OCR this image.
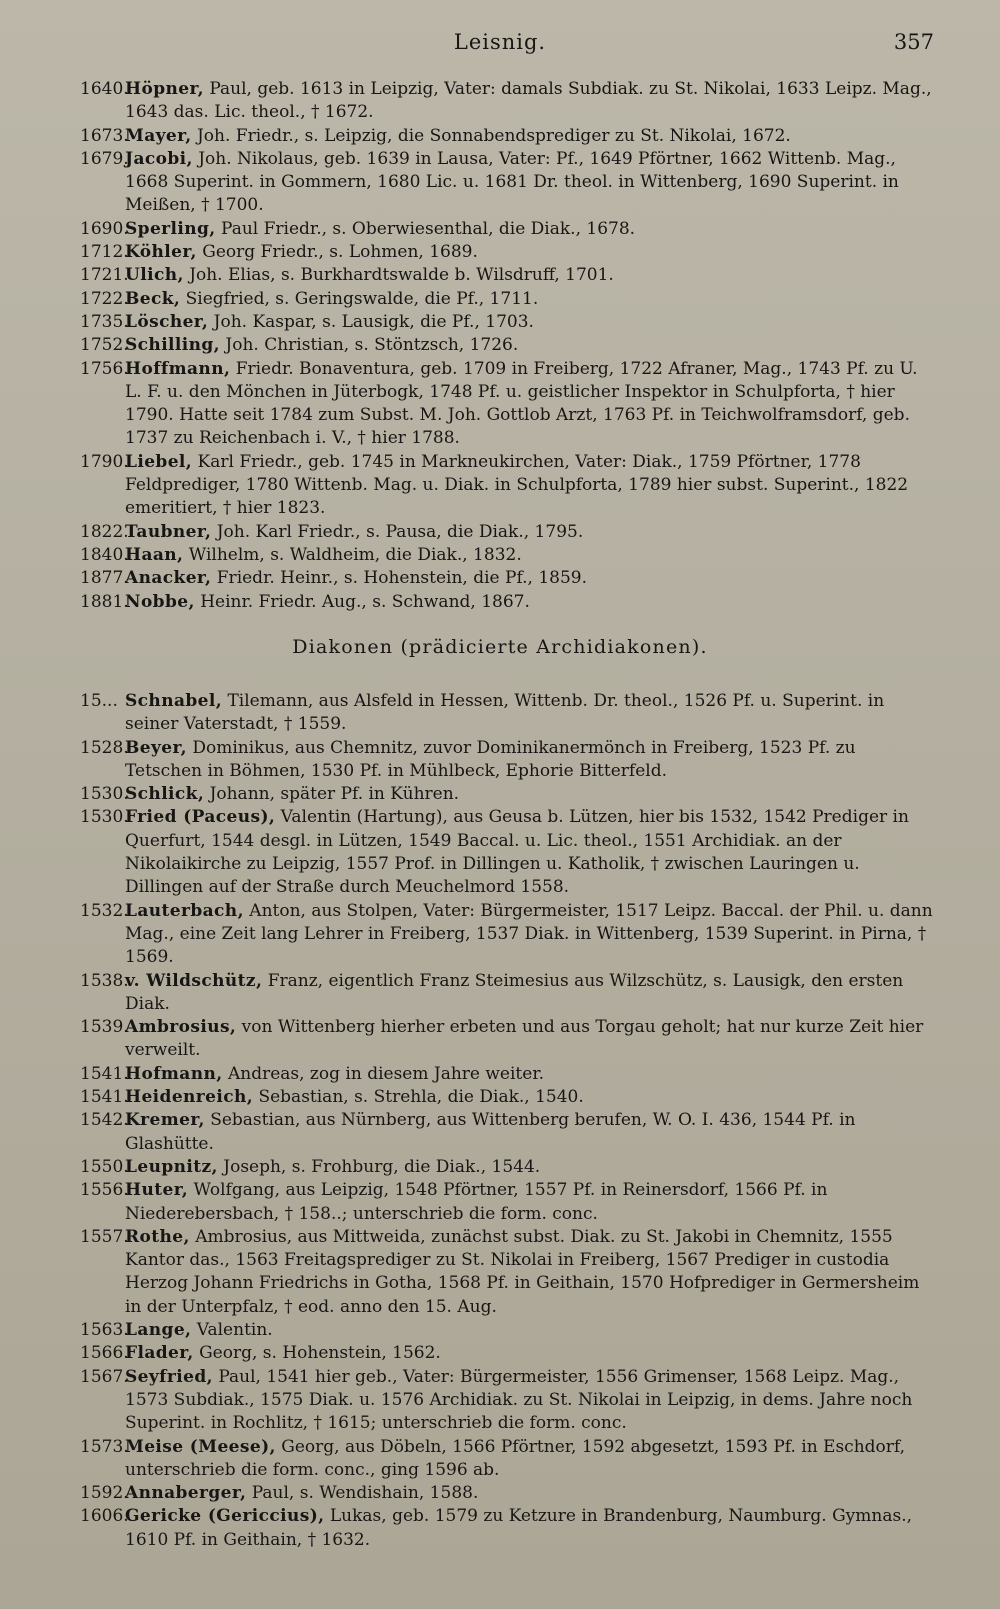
Leisnig.	357

1640.Höpner, Paul, geb. 1613 in Leipzig, Vater: damals Subdiak. zu St. Nikolai, 1633 Leipz. Mag., 1643 das. Lic. theol., † 1672.

1673.Mayer, Joh. Friedr., s. Leipzig, die Sonnabendsprediger zu St. Nikolai, 1672.

1679.Jacobi, Joh. Nikolaus, geb. 1639 in Lausa, Vater: Pf., 1649 Pförtner, 1662 Wittenb. Mag., 1668 Superint. in Gommern, 1680 Lic. u. 1681 Dr. theol. in Wittenberg, 1690 Superint. in Meißen, † 1700.

1690.Sperling, Paul Friedr., s. Oberwiesenthal, die Diak., 1678.

1712.Köhler, Georg Friedr., s. Lohmen, 1689.

1721.Ulich, Joh. Elias, s. Burkhardtswalde b. Wilsdruff, 1701.

1722.Beck, Siegfried, s. Geringswalde, die Pf., 1711.

1735.Löscher, Joh. Kaspar, s. Lausigk, die Pf., 1703.

1752.Schilling, Joh. Christian, s. Stöntzsch, 1726.

1756.Hoffmann, Friedr. Bonaventura, geb. 1709 in Freiberg, 1722 Afraner, Mag., 1743 Pf. zu U. L. F. u. den Mönchen in Jüterbogk, 1748 Pf. u. geistlicher Inspektor in Schulpforta, † hier 1790. Hatte seit 1784 zum Subst. M. Joh. Gottlob Arzt, 1763 Pf. in Teichwolframsdorf, geb. 1737 zu Reichenbach i. V., † hier 1788.

1790.Liebel, Karl Friedr., geb. 1745 in Markneukirchen, Vater: Diak., 1759 Pförtner, 1778 Feldprediger, 1780 Wittenb. Mag. u. Diak. in Schulpforta, 1789 hier subst. Superint., 1822 emeritiert, † hier 1823.

1822.Taubner, Joh. Karl Friedr., s. Pausa, die Diak., 1795.

1840.Haan, Wilhelm, s. Waldheim, die Diak., 1832.

1877.Anacker, Friedr. Heinr., s. Hohenstein, die Pf., 1859.

1881.Nobbe, Heinr. Friedr. Aug., s. Schwand, 1867.

Diakonen (prädicierte Archidiakonen).

15... Schnabel, Tilemann, aus Alsfeld in Hessen, Wittenb. Dr. theol., 1526 Pf. u. Superint. in seiner Vaterstadt, † 1559.

1528.Beyer, Dominikus, aus Chemnitz, zuvor Dominikanermönch in Freiberg, 1523 Pf. zu Tetschen in Böhmen, 1530 Pf. in Mühlbeck, Ephorie Bitterfeld.

1530.Schlick, Johann, später Pf. in Kühren.

1530.Fried (Paceus), Valentin (Hartung), aus Geusa b. Lützen, hier bis 1532, 1542 Prediger in Querfurt, 1544 desgl. in Lützen, 1549 Baccal. u. Lic. theol., 1551 Archidiak. an der Nikolaikirche zu Leipzig, 1557 Prof. in Dillingen u. Katholik, † zwischen Lauringen u. Dillingen auf der Straße durch Meuchelmord 1558.

1532.Lauterbach, Anton, aus Stolpen, Vater: Bürgermeister, 1517 Leipz. Baccal. der Phil. u. dann Mag., eine Zeit lang Lehrer in Freiberg, 1537 Diak. in Wittenberg, 1539 Superint. in Pirna, † 1569.

1538.v. Wildschütz, Franz, eigentlich Franz Steimesius aus Wilzschütz, s. Lausigk, den ersten Diak.

1539.Ambrosius, von Wittenberg hierher erbeten und aus Torgau geholt; hat nur kurze Zeit hier verweilt.

1541.Hofmann, Andreas, zog in diesem Jahre weiter.

1541.Heidenreich, Sebastian, s. Strehla, die Diak., 1540.

1542.Kremer, Sebastian, aus Nürnberg, aus Wittenberg berufen, W. O. I. 436, 1544 Pf. in Glashütte.

1550.Leupnitz, Joseph, s. Frohburg, die Diak., 1544.

1556.Huter, Wolfgang, aus Leipzig, 1548 Pförtner, 1557 Pf. in Reinersdorf, 1566 Pf. in Niederebersbach, † 158..; unterschrieb die form. conc.

1557.Rothe, Ambrosius, aus Mittweida, zunächst subst. Diak. zu St. Jakobi in Chemnitz, 1555 Kantor das., 1563 Freitagsprediger zu St. Nikolai in Freiberg, 1567 Prediger in custodia Herzog Johann Friedrichs in Gotha, 1568 Pf. in Geithain, 1570 Hofprediger in Germersheim in der Unterpfalz, † eod. anno den 15. Aug.

1563.Lange, Valentin.

1566.Flader, Georg, s. Hohenstein, 1562.

1567.Seyfried, Paul, 1541 hier geb., Vater: Bürgermeister, 1556 Grimenser, 1568 Leipz. Mag., 1573 Subdiak., 1575 Diak. u. 1576 Archidiak. zu St. Nikolai in Leipzig, in dems. Jahre noch Superint. in Rochlitz, † 1615; unterschrieb die form. conc.

1573.Meise (Meese), Georg, aus Döbeln, 1566 Pförtner, 1592 abgesetzt, 1593 Pf. in Eschdorf, unterschrieb die form. conc., ging 1596 ab.

1592.Annaberger, Paul, s. Wendishain, 1588.

1606.Gericke (Gericcius), Lukas, geb. 1579 zu Ketzure in Brandenburg, Naumburg. Gymnas., 1610 Pf. in Geithain, † 1632.
